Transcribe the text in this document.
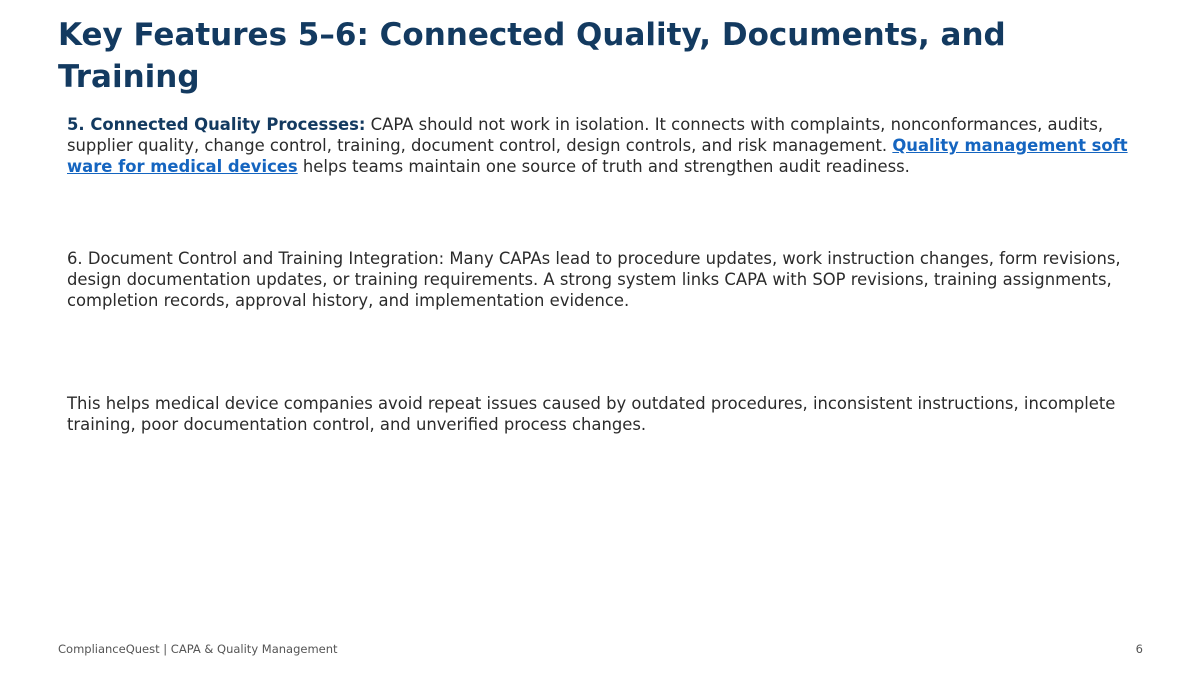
Key Features 5–6: Connected Quality, Documents, and Training

5. Connected Quality Processes: CAPA should not work in isolation. It connects with complaints, nonconformances, audits, supplier quality, change control, training, document control, design controls, and risk management. Quality management software for medical devices helps teams maintain one source of truth and strengthen audit readiness.

6. Document Control and Training Integration: Many CAPAs lead to procedure updates, work instruction changes, form revisions, design documentation updates, or training requirements. A strong system links CAPA with SOP revisions, training assignments, completion records, approval history, and implementation evidence.

This helps medical device companies avoid repeat issues caused by outdated procedures, inconsistent instructions, incomplete training, poor documentation control, and unverified process changes.

ComplianceQuest | CAPA & Quality Management	6
